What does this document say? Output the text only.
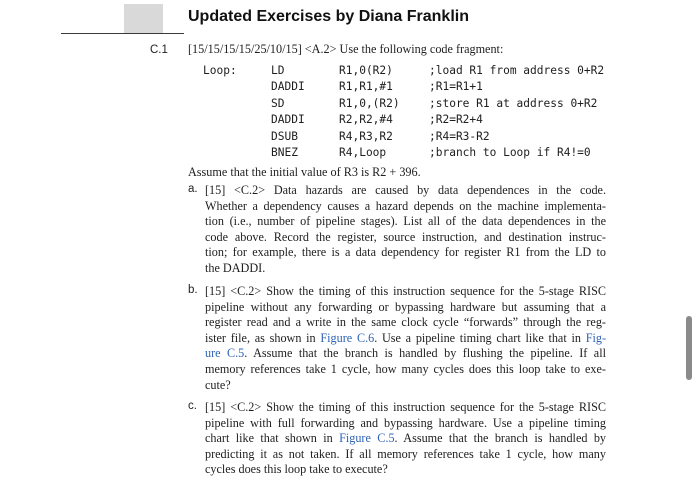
Updated Exercises by Diana Franklin
C.1 [15/15/15/15/25/10/15] <A.2> Use the following code fragment:
Loop:	LD	R1,0(R2)	;load R1 from address 0+R2
DADDI	R1,R1,#1	;R1=R1+1
SD	R1,0,(R2)	;store R1 at address 0+R2
DADDI	R2,R2,#4	;R2=R2+4
DSUB	R4,R3,R2	;R4=R3-R2
BNEZ	R4,Loop	;branch to Loop if R4!=0
Assume that the initial value of R3 is R2 + 396.
a. [15] <C.2> Data hazards are caused by data dependences in the code.
Whether a dependency causes a hazard depends on the machine implementa-
tion (i.e., number of pipeline stages). List all of the data dependences in the
code above. Record the register, source instruction, and destination instruc-
tion; for example, there is a data dependency for register R1 from the LD to
the DADDI.
b. [15] <C.2> Show the timing of this instruction sequence for the 5-stage RISC
pipeline without any forwarding or bypassing hardware but assuming that a
register read and a write in the same clock cycle “forwards” through the reg-
ister file, as shown in Figure C.6. Use a pipeline timing chart like that in Fig-
ure C.5. Assume that the branch is handled by flushing the pipeline. If all
memory references take 1 cycle, how many cycles does this loop take to exe-
cute?
c. [15] <C.2> Show the timing of this instruction sequence for the 5-stage RISC
pipeline with full forwarding and bypassing hardware. Use a pipeline timing
chart like that shown in Figure C.5. Assume that the branch is handled by
predicting it as not taken. If all memory references take 1 cycle, how many
cycles does this loop take to execute?
